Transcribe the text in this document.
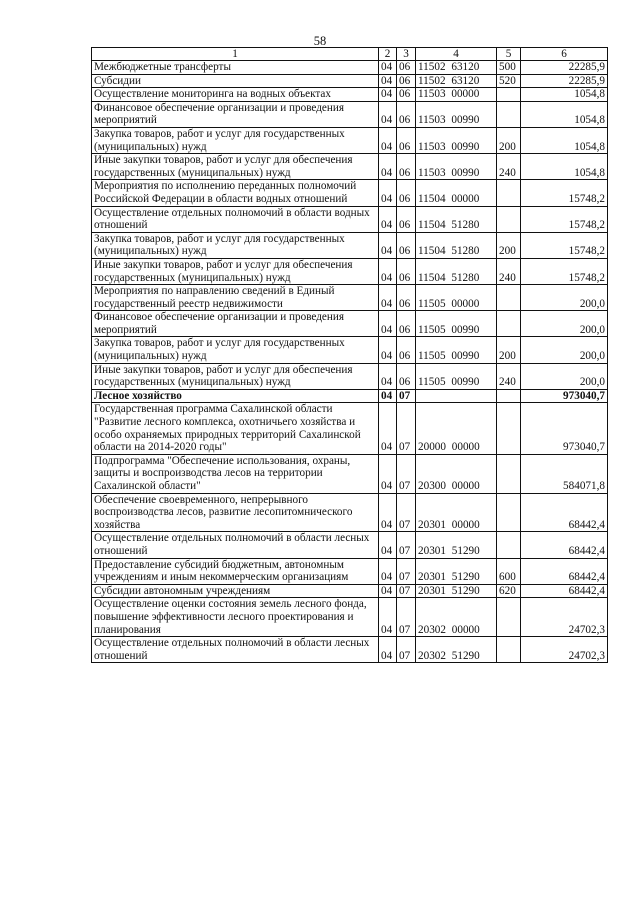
58
1	2	3	4	5	6
Межбюджетные трансферты	04	06	11502 63120	500	22285,9
Субсидии	04	06	11502 63120	520	22285,9
Осуществление мониторинга на водных объектах	04	06	11503 00000		1054,8
Финансовое обеспечение организации и проведения мероприятий	04	06	11503 00990		1054,8
Закупка товаров, работ и услуг для государственных (муниципальных) нужд	04	06	11503 00990	200	1054,8
Иные закупки товаров, работ и услуг для обеспечения государственных (муниципальных) нужд	04	06	11503 00990	240	1054,8
Мероприятия по исполнению переданных полномочий Российской Федерации в области водных отношений	04	06	11504 00000		15748,2
Осуществление отдельных полномочий в области водных отношений	04	06	11504 51280		15748,2
Закупка товаров, работ и услуг для государственных (муниципальных) нужд	04	06	11504 51280	200	15748,2
Иные закупки товаров, работ и услуг для обеспечения государственных (муниципальных) нужд	04	06	11504 51280	240	15748,2
Мероприятия по направлению сведений в Единый государственный реестр недвижимости	04	06	11505 00000		200,0
Финансовое обеспечение организации и проведения мероприятий	04	06	11505 00990		200,0
Закупка товаров, работ и услуг для государственных (муниципальных) нужд	04	06	11505 00990	200	200,0
Иные закупки товаров, работ и услуг для обеспечения государственных (муниципальных) нужд	04	06	11505 00990	240	200,0
Лесное хозяйство	04	07			973040,7
Государственная программа Сахалинской области "Развитие лесного комплекса, охотничьего хозяйства и особо охраняемых природных территорий Сахалинской области на 2014-2020 годы"	04	07	20000 00000		973040,7
Подпрограмма "Обеспечение использования, охраны, защиты и воспроизводства лесов на территории Сахалинской области"	04	07	20300 00000		584071,8
Обеспечение своевременного, непрерывного воспроизводства лесов, развитие лесопитомнического хозяйства	04	07	20301 00000		68442,4
Осуществление отдельных полномочий в области лесных отношений	04	07	20301 51290		68442,4
Предоставление субсидий бюджетным, автономным учреждениям и иным некоммерческим организациям	04	07	20301 51290	600	68442,4
Субсидии автономным учреждениям	04	07	20301 51290	620	68442,4
Осуществление оценки состояния земель лесного фонда, повышение эффективности лесного проектирования и планирования	04	07	20302 00000		24702,3
Осуществление отдельных полномочий в области лесных отношений	04	07	20302 51290		24702,3
